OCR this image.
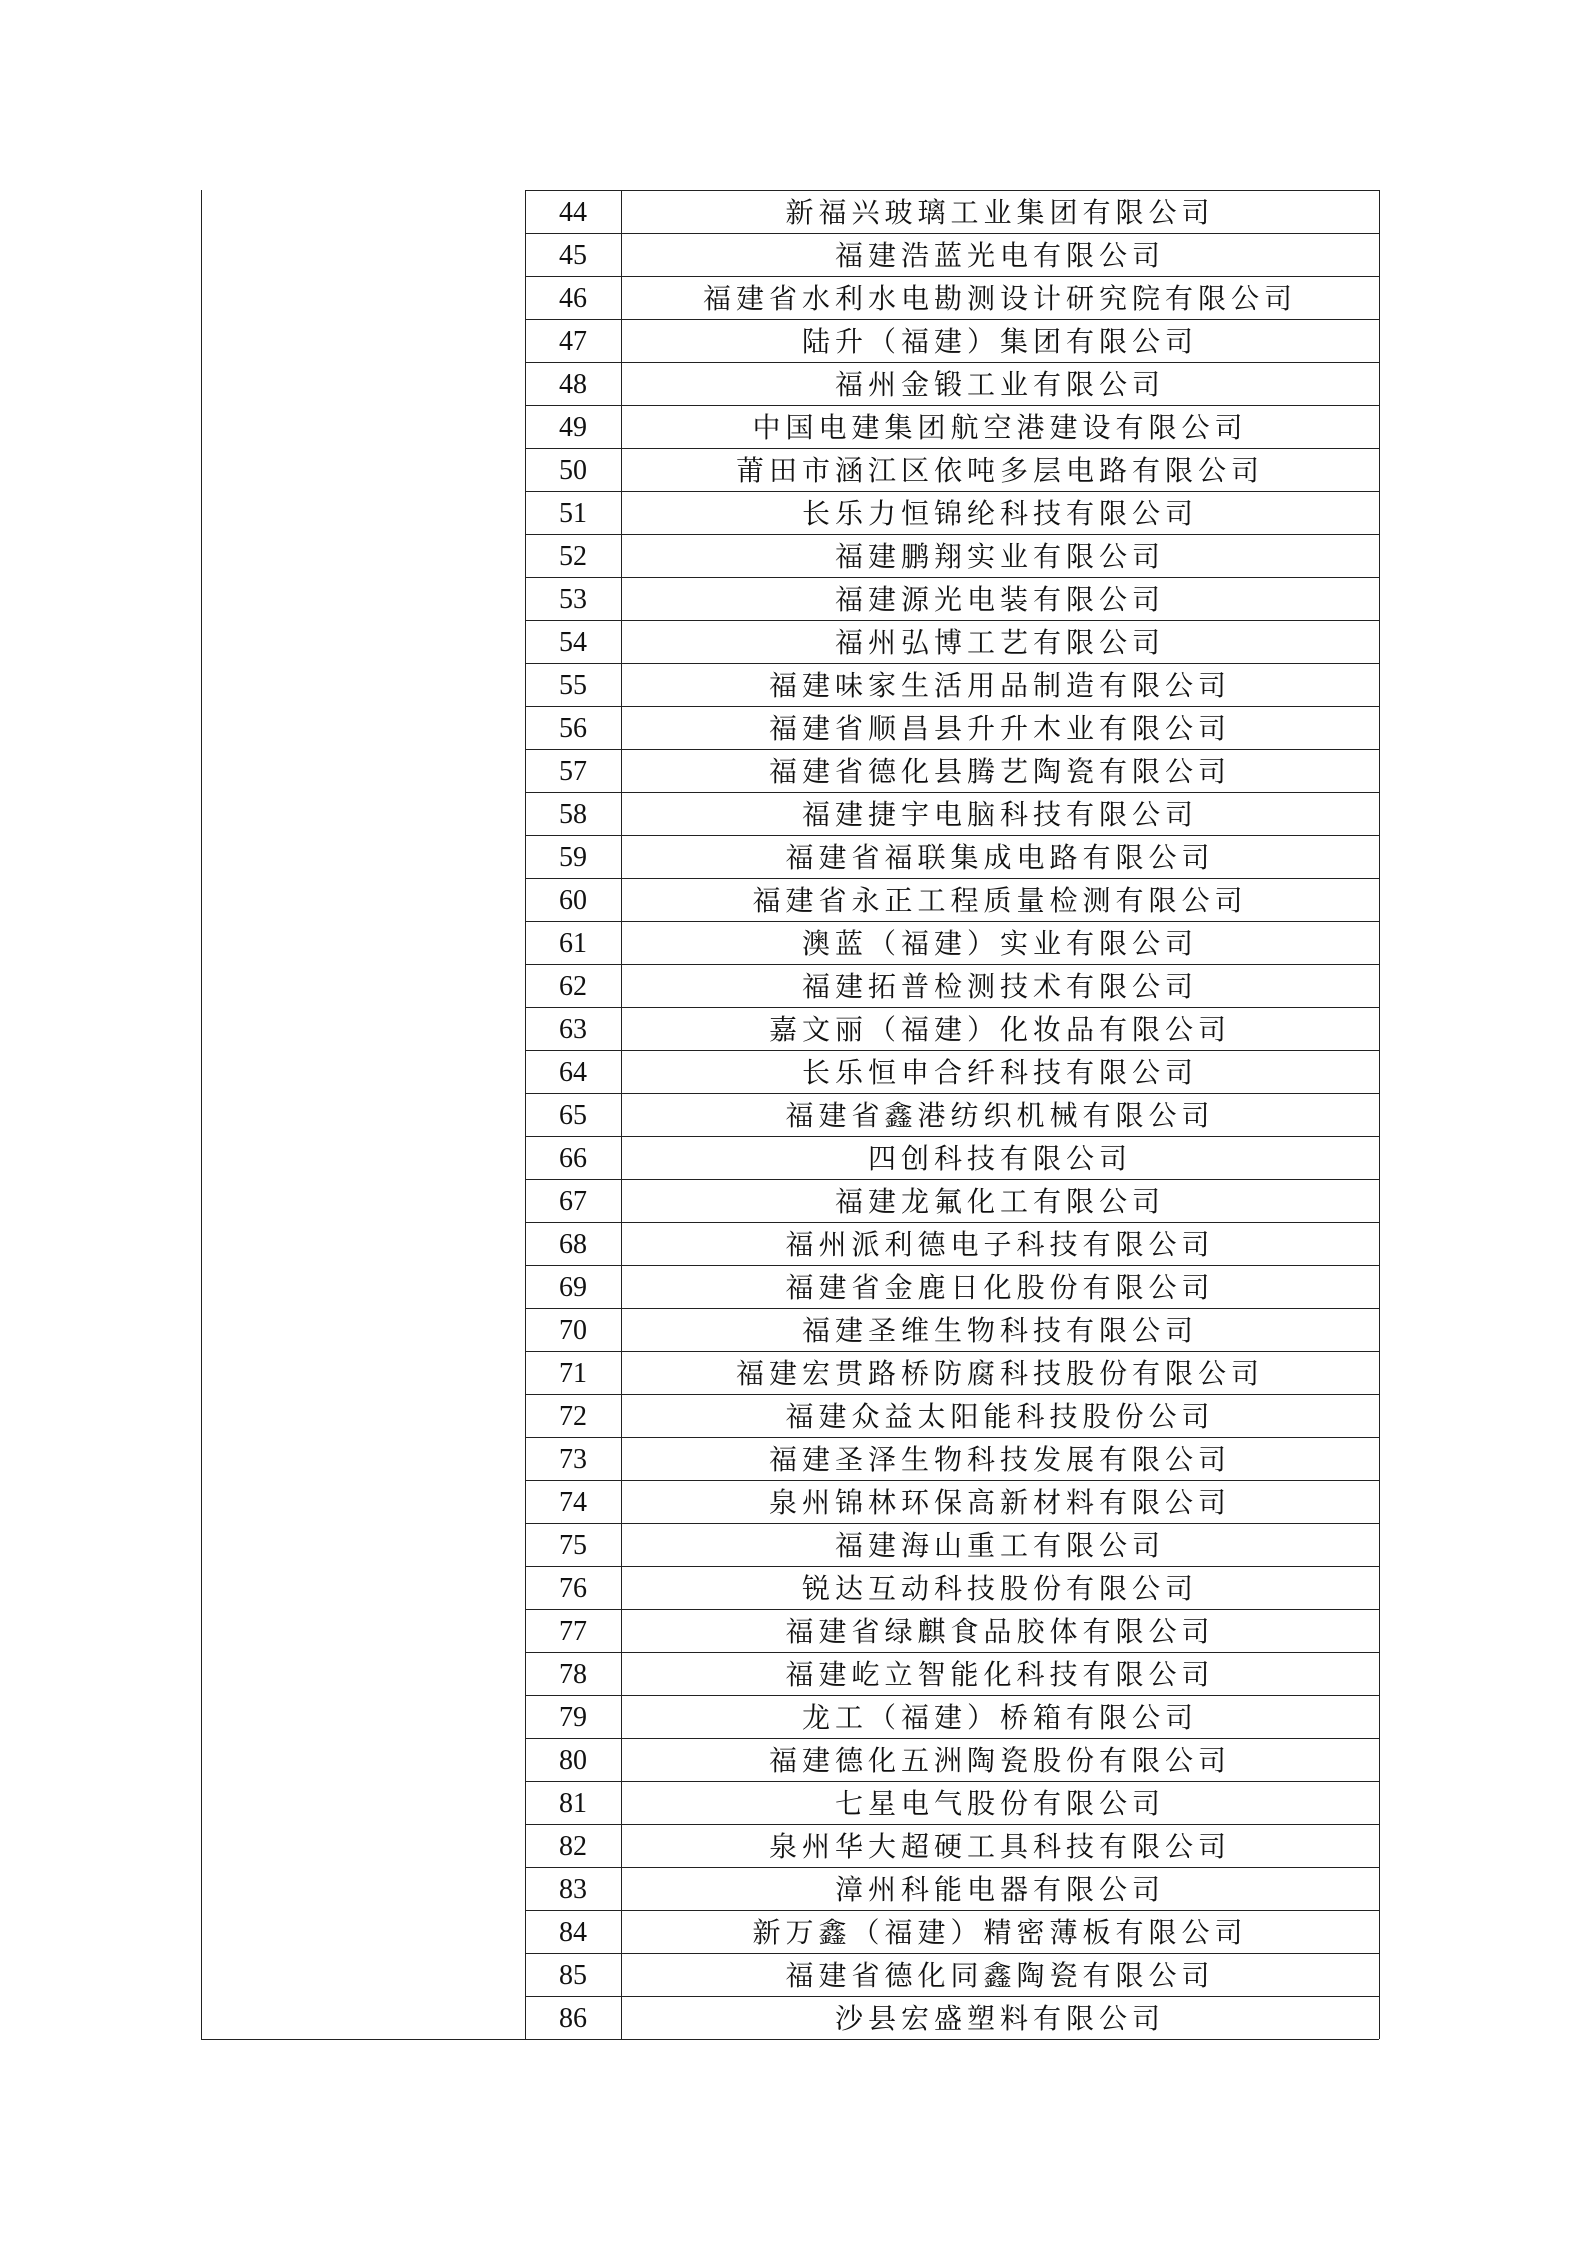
44	新福兴玻璃工业集团有限公司
45	福建浩蓝光电有限公司
46	福建省水利水电勘测设计研究院有限公司
47	陆升（福建）集团有限公司
48	福州金锻工业有限公司
49	中国电建集团航空港建设有限公司
50	莆田市涵江区依吨多层电路有限公司
51	长乐力恒锦纶科技有限公司
52	福建鹏翔实业有限公司
53	福建源光电装有限公司
54	福州弘博工艺有限公司
55	福建味家生活用品制造有限公司
56	福建省顺昌县升升木业有限公司
57	福建省德化县腾艺陶瓷有限公司
58	福建捷宇电脑科技有限公司
59	福建省福联集成电路有限公司
60	福建省永正工程质量检测有限公司
61	澳蓝（福建）实业有限公司
62	福建拓普检测技术有限公司
63	嘉文丽（福建）化妆品有限公司
64	长乐恒申合纤科技有限公司
65	福建省鑫港纺织机械有限公司
66	四创科技有限公司
67	福建龙氟化工有限公司
68	福州派利德电子科技有限公司
69	福建省金鹿日化股份有限公司
70	福建圣维生物科技有限公司
71	福建宏贯路桥防腐科技股份有限公司
72	福建众益太阳能科技股份公司
73	福建圣泽生物科技发展有限公司
74	泉州锦林环保高新材料有限公司
75	福建海山重工有限公司
76	锐达互动科技股份有限公司
77	福建省绿麒食品胶体有限公司
78	福建屹立智能化科技有限公司
79	龙工（福建）桥箱有限公司
80	福建德化五洲陶瓷股份有限公司
81	七星电气股份有限公司
82	泉州华大超硬工具科技有限公司
83	漳州科能电器有限公司
84	新万鑫（福建）精密薄板有限公司
85	福建省德化同鑫陶瓷有限公司
86	沙县宏盛塑料有限公司
